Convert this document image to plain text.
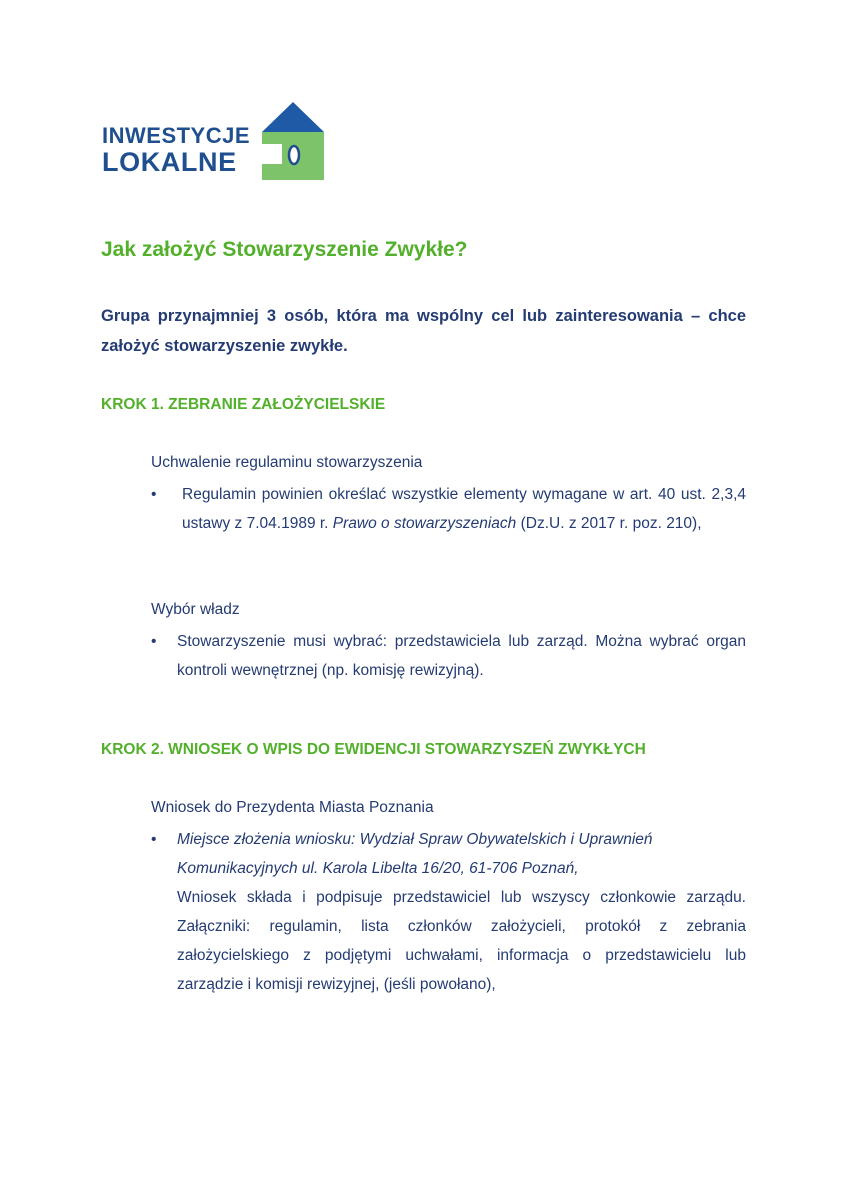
INWESTYCJE
LOKALNE
Jak założyć Stowarzyszenie Zwykłe?

Grupa przynajmniej 3 osób, która ma wspólny cel lub zainteresowania – chce założyć stowarzyszenie zwykłe.

KROK 1. ZEBRANIE ZAŁOŻYCIELSKIE

Uchwalenie regulaminu stowarzyszenia

•	Regulamin powinien określać wszystkie elementy wymagane w art. 40 ust. 2,3,4 ustawy z 7.04.1989 r. Prawo o stowarzyszeniach (Dz.U. z 2017 r. poz. 210),

Wybór władz

•	Stowarzyszenie musi wybrać: przedstawiciela lub zarząd. Można wybrać organ kontroli wewnętrznej (np. komisję rewizyjną).
KROK 2. WNIOSEK O WPIS DO EWIDENCJI STOWARZYSZEŃ ZWYKŁYCH

Wniosek do Prezydenta Miasta Poznania

•	Miejsce złożenia wniosku: Wydział Spraw Obywatelskich i Uprawnień Komunikacyjnych ul. Karola Libelta 16/20, 61-706 Poznań,
Wniosek składa i podpisuje przedstawiciel lub wszyscy członkowie zarządu. Załączniki: regulamin, lista członków założycieli, protokół z zebrania założycielskiego z podjętymi uchwałami, informacja o przedstawicielu lub zarządzie i komisji rewizyjnej, (jeśli powołano),
